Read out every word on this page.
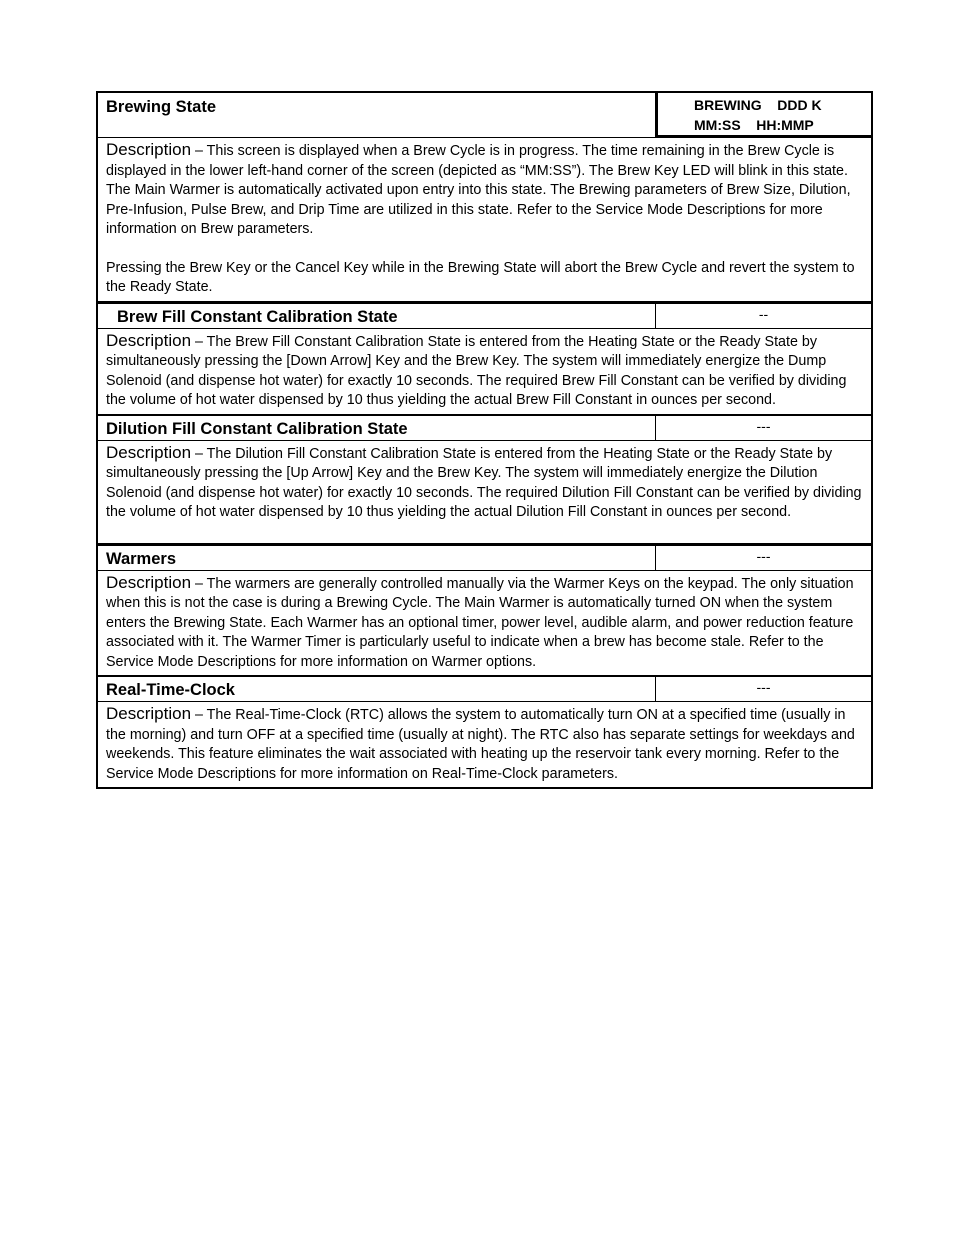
Brewing State	BREWING    DDD K
MM:SS    HH:MMP

Description – This screen is displayed when a Brew Cycle is in progress. The time remaining in the Brew Cycle is displayed in the lower left-hand corner of the screen (depicted as “MM:SS”). The Brew Key LED will blink in this state. The Main Warmer is automatically activated upon entry into this state. The Brewing parameters of Brew Size, Dilution, Pre-Infusion, Pulse Brew, and Drip Time are utilized in this state. Refer to the Service Mode Descriptions for more information on Brew parameters.

Pressing the Brew Key or the Cancel Key while in the Brewing State will abort the Brew Cycle and revert the system to the Ready State.

Brew Fill Constant Calibration State	--

Description – The Brew Fill Constant Calibration State is entered from the Heating State or the Ready State by simultaneously pressing the [Down Arrow] Key and the Brew Key. The system will immediately energize the Dump Solenoid (and dispense hot water) for exactly 10 seconds. The required Brew Fill Constant can be verified by dividing the volume of hot water dispensed by 10 thus yielding the actual Brew Fill Constant in ounces per second.

Dilution Fill Constant Calibration State	---

Description – The Dilution Fill Constant Calibration State is entered from the Heating State or the Ready State by simultaneously pressing the [Up Arrow] Key and the Brew Key. The system will immediately energize the Dilution Solenoid (and dispense hot water) for exactly 10 seconds. The required Dilution Fill Constant can be verified by dividing the volume of hot water dispensed by 10 thus yielding the actual Dilution Fill Constant in ounces per second.

Warmers	---

Description – The warmers are generally controlled manually via the Warmer Keys on the keypad. The only situation when this is not the case is during a Brewing Cycle. The Main Warmer is automatically turned ON when the system enters the Brewing State. Each Warmer has an optional timer, power level, audible alarm, and power reduction feature associated with it. The Warmer Timer is particularly useful to indicate when a brew has become stale. Refer to the Service Mode Descriptions for more information on Warmer options.

Real-Time-Clock	---

Description – The Real-Time-Clock (RTC) allows the system to automatically turn ON at a specified time (usually in the morning) and turn OFF at a specified time (usually at night). The RTC also has separate settings for weekdays and weekends. This feature eliminates the wait associated with heating up the reservoir tank every morning. Refer to the Service Mode Descriptions for more information on Real-Time-Clock parameters.
